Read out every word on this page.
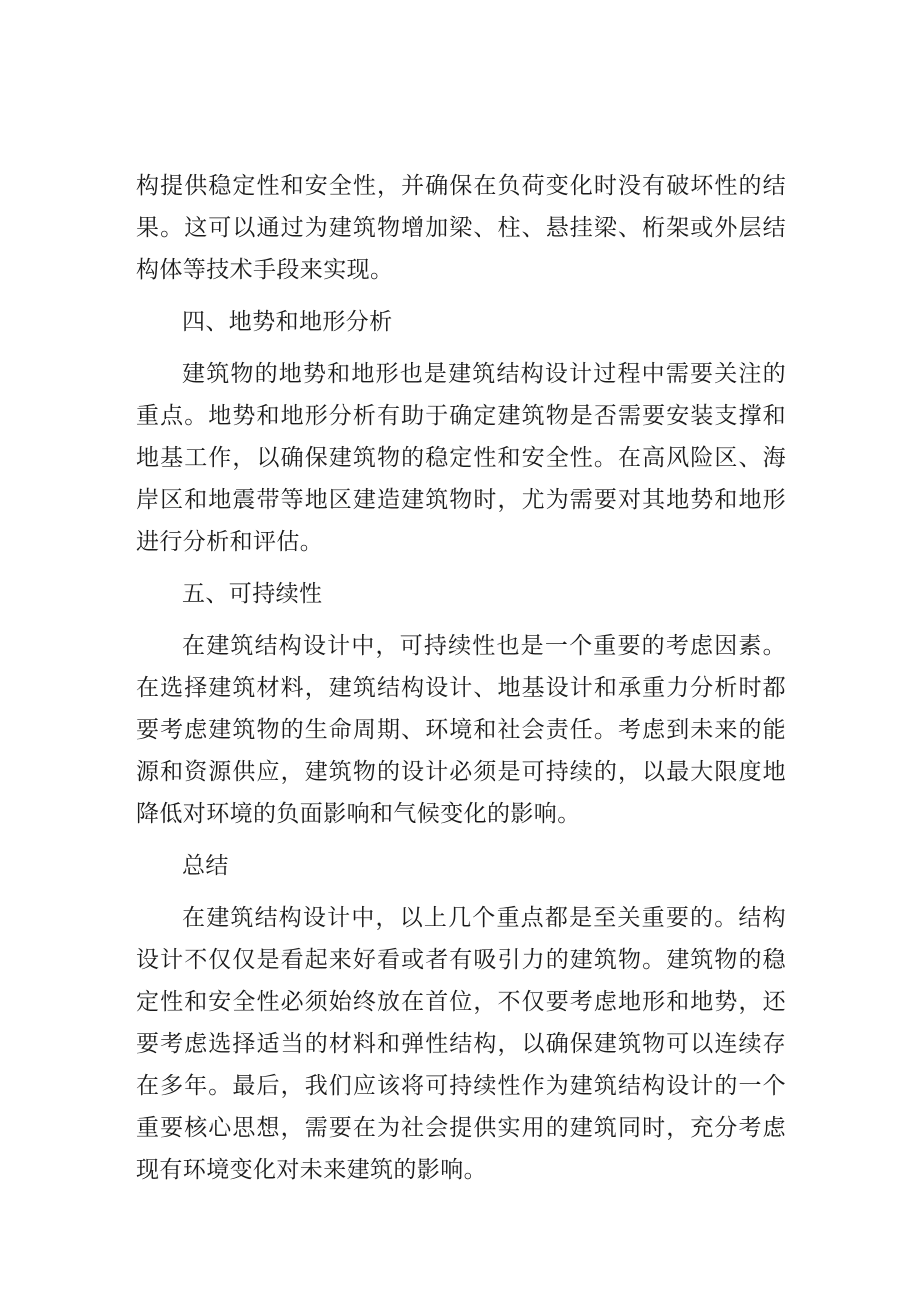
构提供稳定性和安全性，并确保在负荷变化时没有破坏性的结果。这可以通过为建筑物增加梁、柱、悬挂梁、桁架或外层结构体等技术手段来实现。

四、地势和地形分析

建筑物的地势和地形也是建筑结构设计过程中需要关注的重点。地势和地形分析有助于确定建筑物是否需要安装支撑和地基工作，以确保建筑物的稳定性和安全性。在高风险区、海岸区和地震带等地区建造建筑物时，尤为需要对其地势和地形进行分析和评估。

五、可持续性

在建筑结构设计中，可持续性也是一个重要的考虑因素。在选择建筑材料，建筑结构设计、地基设计和承重力分析时都要考虑建筑物的生命周期、环境和社会责任。考虑到未来的能源和资源供应，建筑物的设计必须是可持续的，以最大限度地降低对环境的负面影响和气候变化的影响。

总结

在建筑结构设计中，以上几个重点都是至关重要的。结构设计不仅仅是看起来好看或者有吸引力的建筑物。建筑物的稳定性和安全性必须始终放在首位，不仅要考虑地形和地势，还要考虑选择适当的材料和弹性结构，以确保建筑物可以连续存在多年。最后，我们应该将可持续性作为建筑结构设计的一个重要核心思想，需要在为社会提供实用的建筑同时，充分考虑现有环境变化对未来建筑的影响。
